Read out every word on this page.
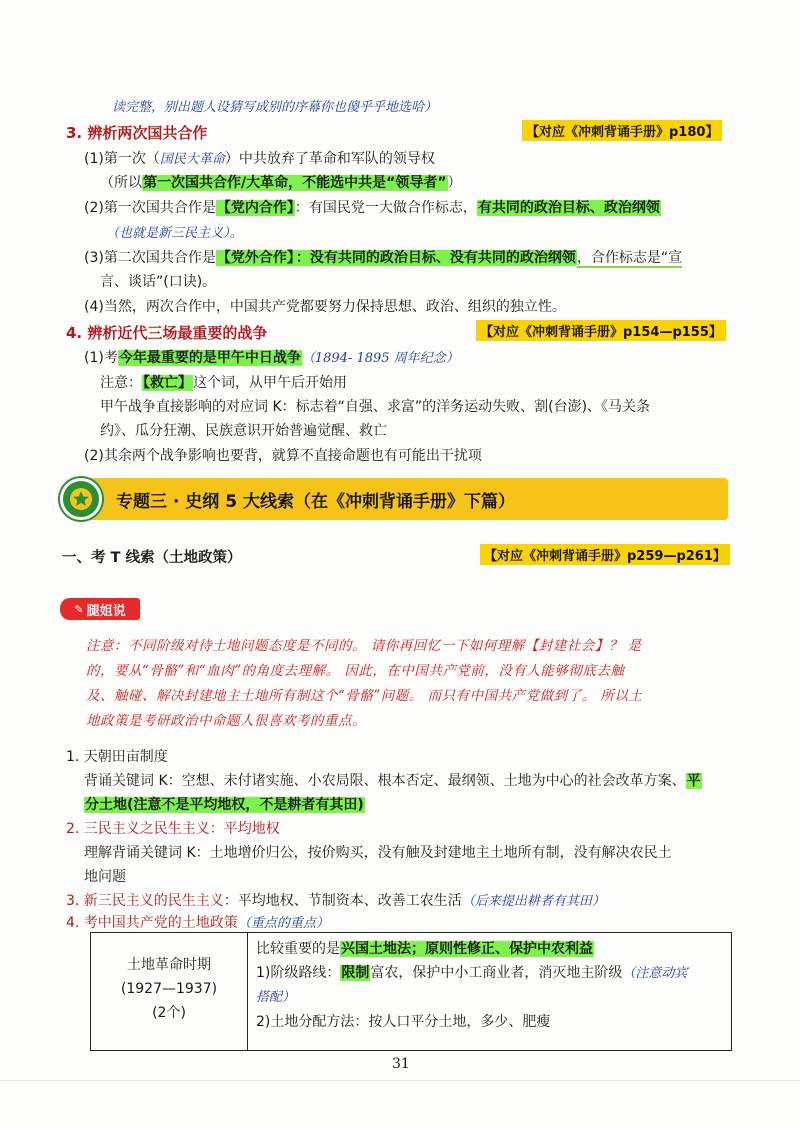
读完整，别出题人设猜写成别的序幕你也傻乎乎地选哈）
3. 辨析两次国共合作	【对应《冲刺背诵手册》p180】
(1)第一次（国民大革命）中共放弃了革命和军队的领导权
（所以第一次国共合作/大革命，不能选中共是“领导者”）
(2)第一次国共合作是【党内合作】：有国民党一大做合作标志，有共同的政治目标、政治纲领
（也就是新三民主义）。
(3)第二次国共合作是【党外合作】 ：没有共同的政治目标、没有共同的政治纲领，合作标志是“宣
言、谈话”(口诀)。
(4)当然，两次合作中，中国共产党都要努力保持思想、政治、组织的独立性。
4. 辨析近代三场最重要的战争	【对应《冲刺背诵手册》p154—p155】
(1)考今年最重要的是甲午中日战争（1894- 1895 周年纪念）
注意：【救亡】这个词，从甲午后开始用
甲午战争直接影响的对应词 K：标志着“自强、求富”的洋务运动失败、割(台澎)、《马关条
约》、瓜分狂潮、民族意识开始普遍觉醒、救亡
(2)其余两个战争影响也要背，就算不直接命题也有可能出干扰项
专题三 · 史纲 5 大线索（在《冲刺背诵手册》下篇）
一、考 T 线索（土地政策）	【对应《冲刺背诵手册》p259—p261】
✎ 腿姐说
注意：不同阶级对待土地问题态度是不同的。 请你再回忆一下如何理解【封建社会】？ 是
的，要从“骨骼”和“血肉”的角度去理解。 因此，在中国共产党前，没有人能够彻底去触
及、触碰、解决封建地主土地所有制这个“骨骼”问题。 而只有中国共产党做到了。 所以土
地政策是考研政治中命题人很喜欢考的重点。
1. 天朝田亩制度
背诵关键词 K：空想、未付诸实施、小农局限、根本否定、最纲领、土地为中心的社会改革方案、平
分土地(注意不是平均地权，不是耕者有其田)
2. 三民主义之民生主义：平均地权
理解背诵关键词 K：土地增价归公，按价购买，没有触及封建地主土地所有制，没有解决农民土
地问题
3. 新三民主义的民生主义：平均地权、节制资本、改善工农生活（后来提出耕者有其田）
4. 考中国共产党的土地政策（重点的重点）
土地革命时期
(1927—1937)
(2个)

比较重要的是兴国土地法；原则性修正、保护中农利益
1)阶级路线：限制富农，保护中小工商业者，消灭地主阶级（注意动宾
搭配）
2)土地分配方法：按人口平分土地，多少、肥瘦
31
